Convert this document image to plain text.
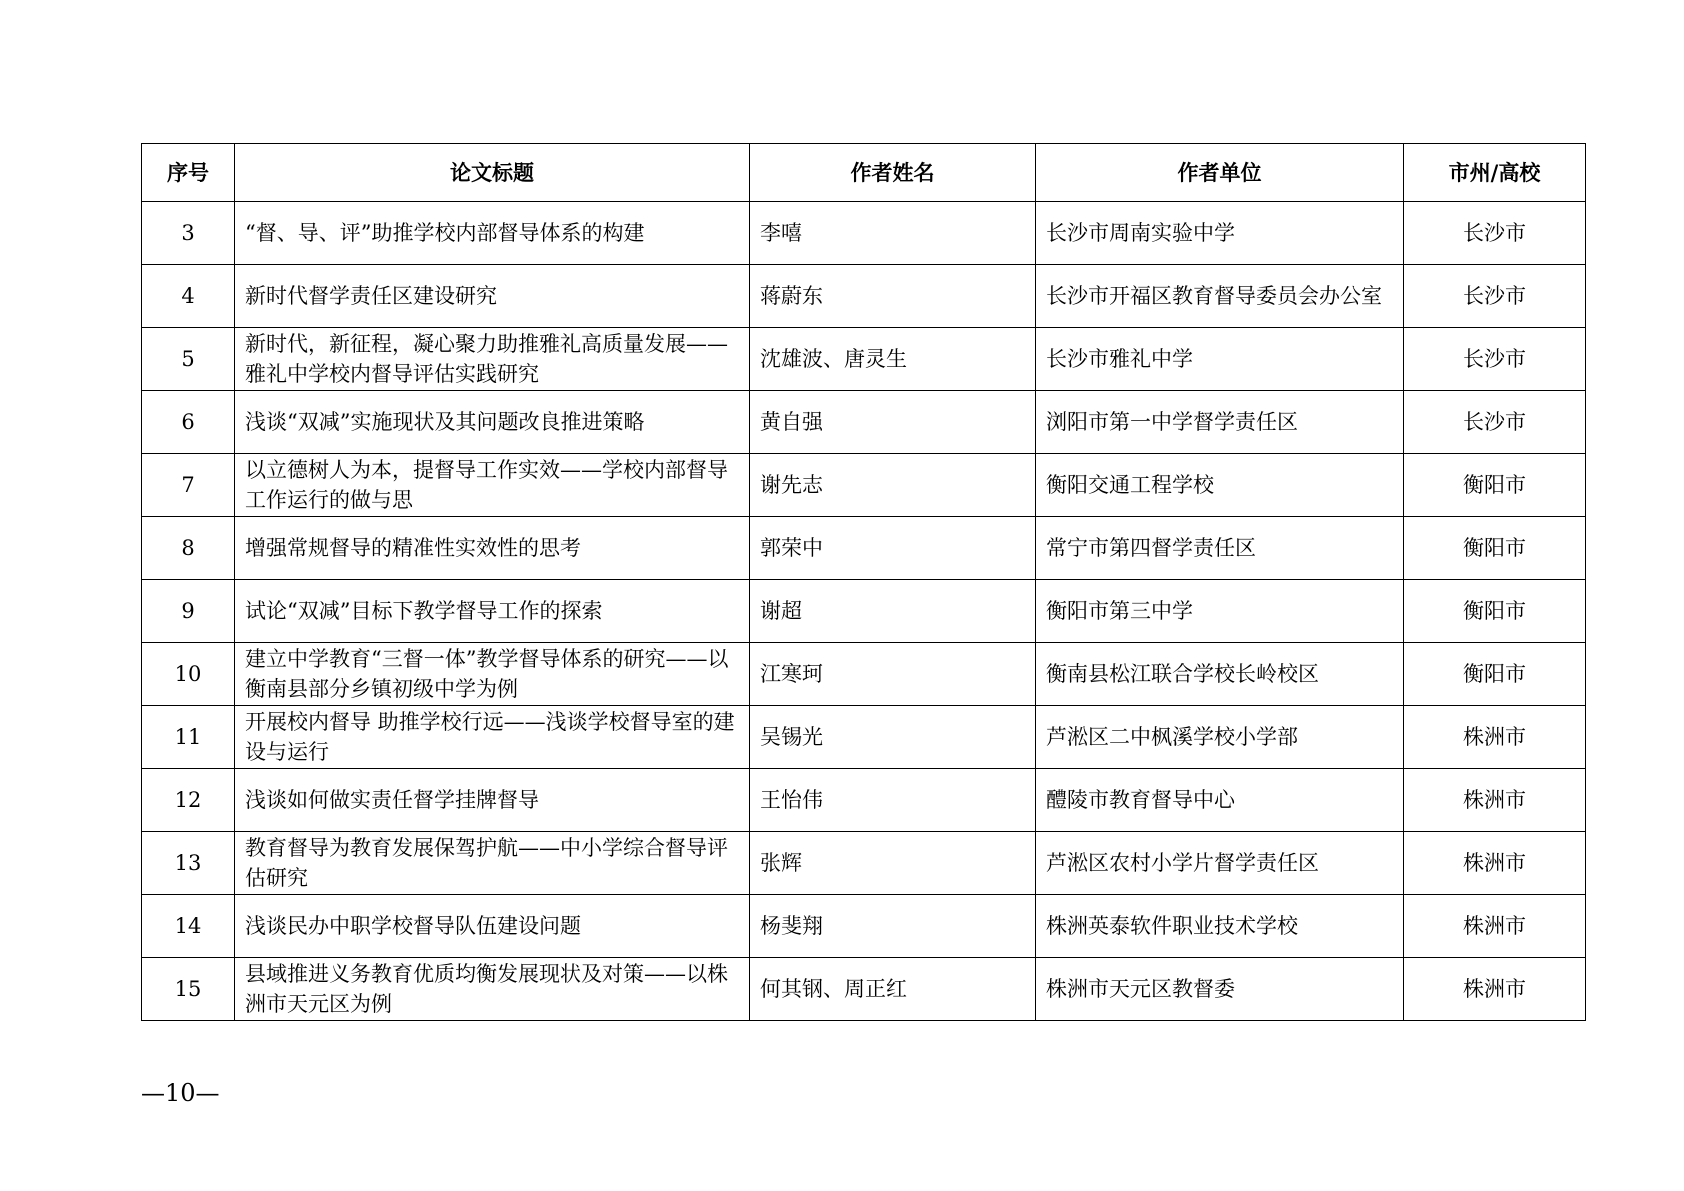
序号	论文标题	作者姓名	作者单位	市州/高校
3	“督、导、评”助推学校内部督导体系的构建	李嘻	长沙市周南实验中学	长沙市
4	新时代督学责任区建设研究	蒋蔚东	长沙市开福区教育督导委员会办公室	长沙市
5	新时代，新征程，凝心聚力助推雅礼高质量发展——雅礼中学校内督导评估实践研究	沈雄波、唐灵生	长沙市雅礼中学	长沙市
6	浅谈“双减”实施现状及其问题改良推进策略	黄自强	浏阳市第一中学督学责任区	长沙市
7	以立德树人为本，提督导工作实效——学校内部督导工作运行的做与思	谢先志	衡阳交通工程学校	衡阳市
8	增强常规督导的精准性实效性的思考	郭荣中	常宁市第四督学责任区	衡阳市
9	试论“双减”目标下教学督导工作的探索	谢超	衡阳市第三中学	衡阳市
10	建立中学教育“三督一体”教学督导体系的研究——以衡南县部分乡镇初级中学为例	江寒珂	衡南县松江联合学校长岭校区	衡阳市
11	开展校内督导 助推学校行远——浅谈学校督导室的建设与运行	吴锡光	芦淞区二中枫溪学校小学部	株洲市
12	浅谈如何做实责任督学挂牌督导	王怡伟	醴陵市教育督导中心	株洲市
13	教育督导为教育发展保驾护航——中小学综合督导评估研究	张辉	芦淞区农村小学片督学责任区	株洲市
14	浅谈民办中职学校督导队伍建设问题	杨斐翔	株洲英泰软件职业技术学校	株洲市
15	县域推进义务教育优质均衡发展现状及对策——以株洲市天元区为例	何其钢、周正红	株洲市天元区教督委	株洲市
—10—
